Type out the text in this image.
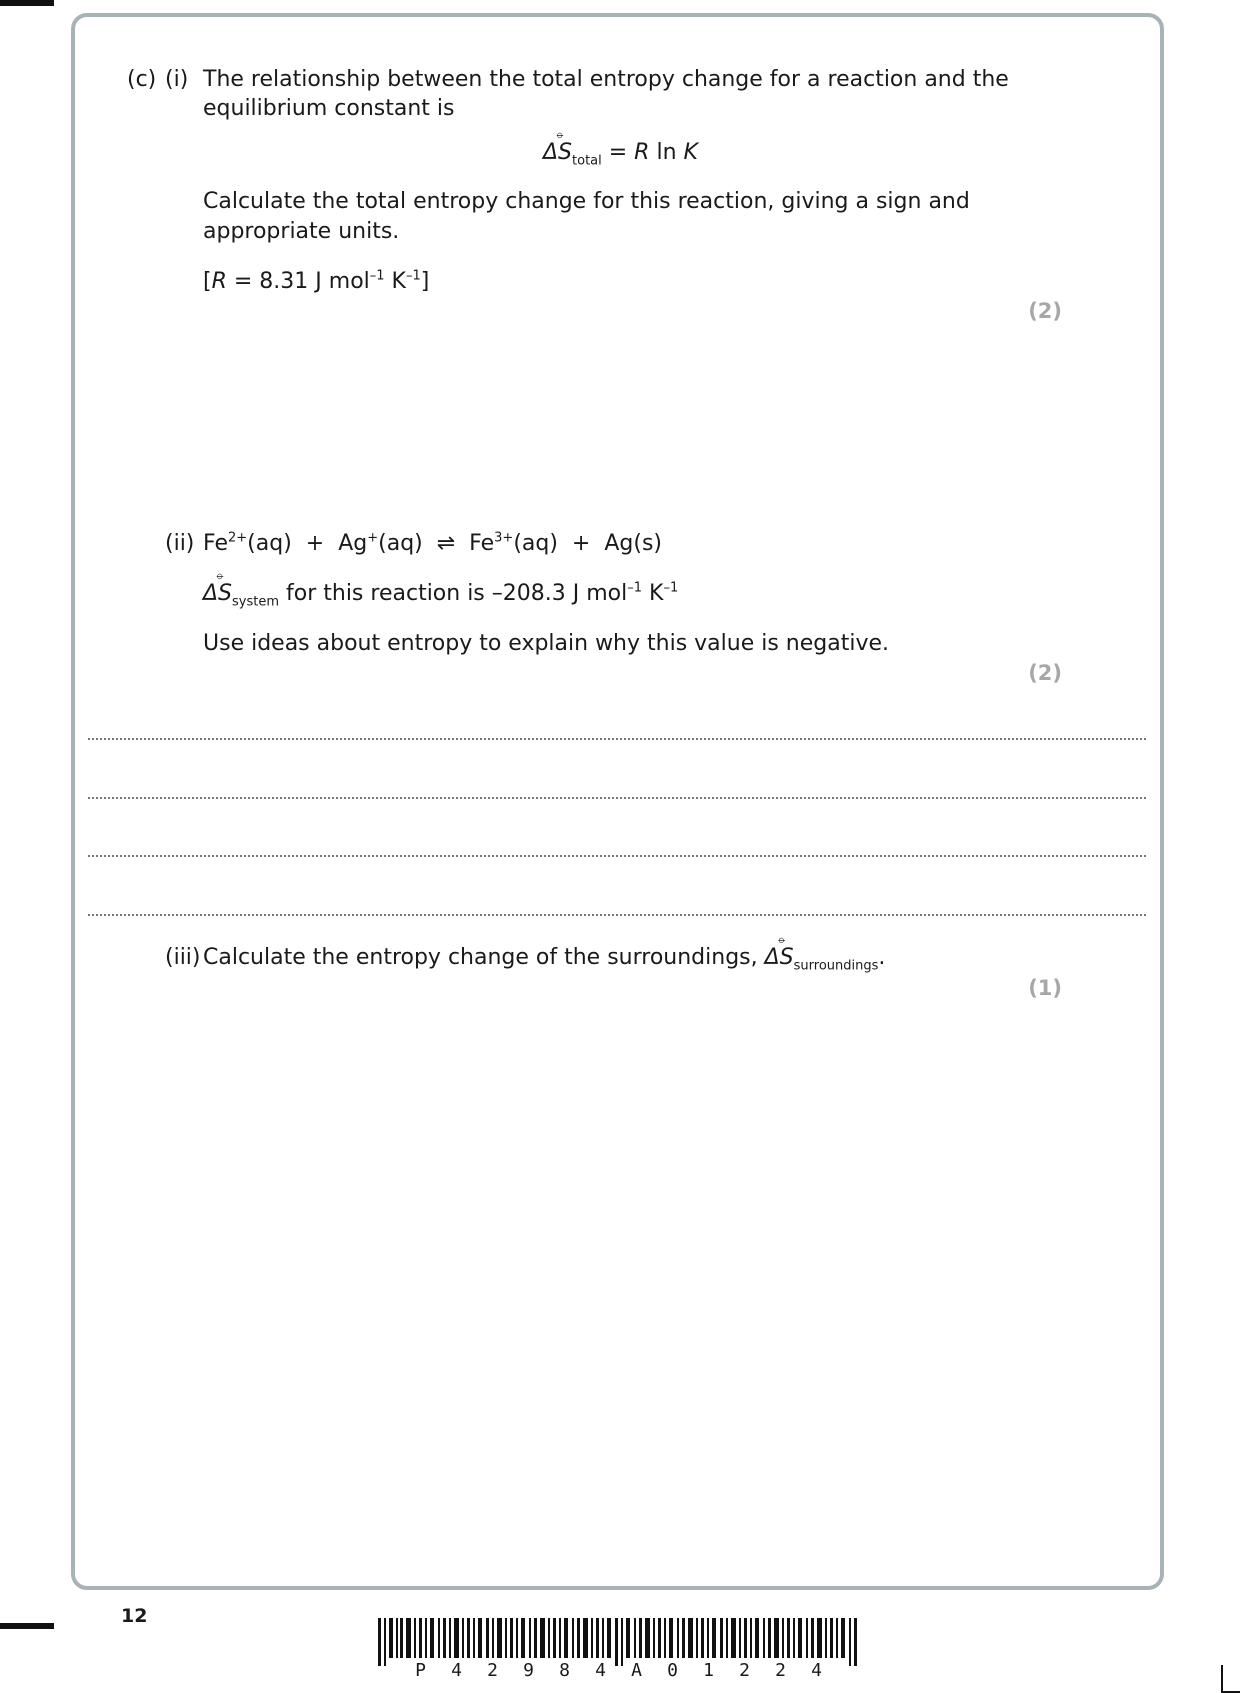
(c) (i) The relationship between the total entropy change for a reaction and the
equilibrium constant is
ΔS
⦵
$_{total}$ = R ln K
Calculate the total entropy change for this reaction, giving a sign and
appropriate units.
[R = 8.31 J mol$^{-1}$ $K^{-1}$]
(2)
(ii) $Fe^{2+}(aq) + Ag^+(aq)$  ⇌  $Fe^{3+}(aq) + Ag(s)$
ΔS
⦵
$_{system}$ for this reaction is –208.3 J mol$^{-1}$ $K^{-1}$
Use ideas about entropy to explain why this value is negative.
(2)
(iii) Calculate the entropy change of the surroundings, ΔS
⦵
$_{surroundings}$.
(1)
12
P 4 2 9 8 4 A 0 1 2 2 4
